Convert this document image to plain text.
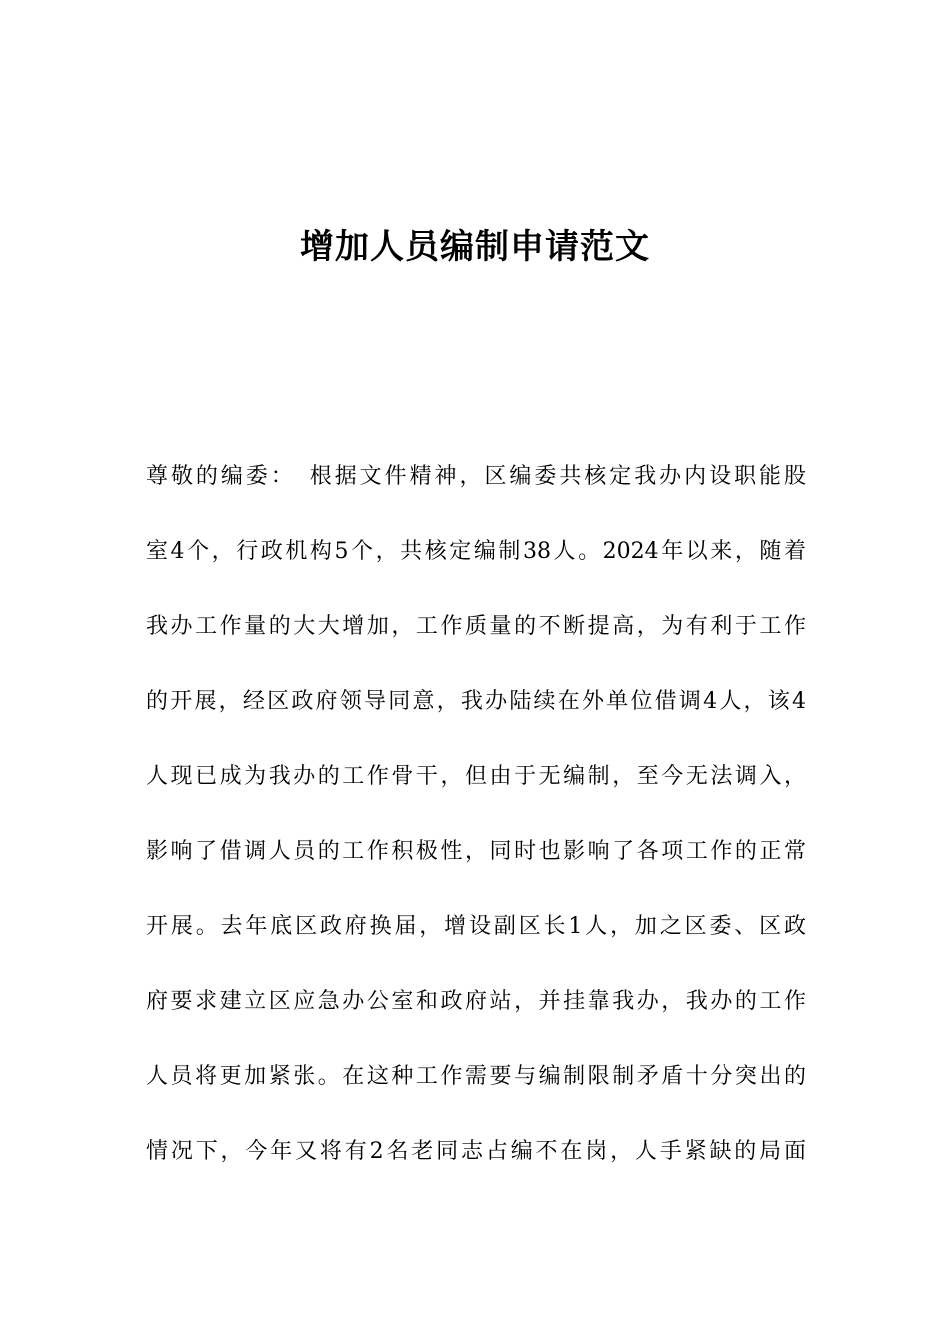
增加人员编制申请范文
尊敬的编委：　根据文件精神，区编委共核定我办内设职能股
室4个，行政机构5个，共核定编制38人。2024年以来，随着
我办工作量的大大增加，工作质量的不断提高，为有利于工作
的开展，经区政府领导同意，我办陆续在外单位借调4人，该4
人现已成为我办的工作骨干，但由于无编制，至今无法调入，
影响了借调人员的工作积极性，同时也影响了各项工作的正常
开展。去年底区政府换届，增设副区长1人，加之区委、区政
府要求建立区应急办公室和政府站，并挂靠我办，我办的工作
人员将更加紧张。在这种工作需要与编制限制矛盾十分突出的
情况下，今年又将有2名老同志占编不在岗，人手紧缺的局面
